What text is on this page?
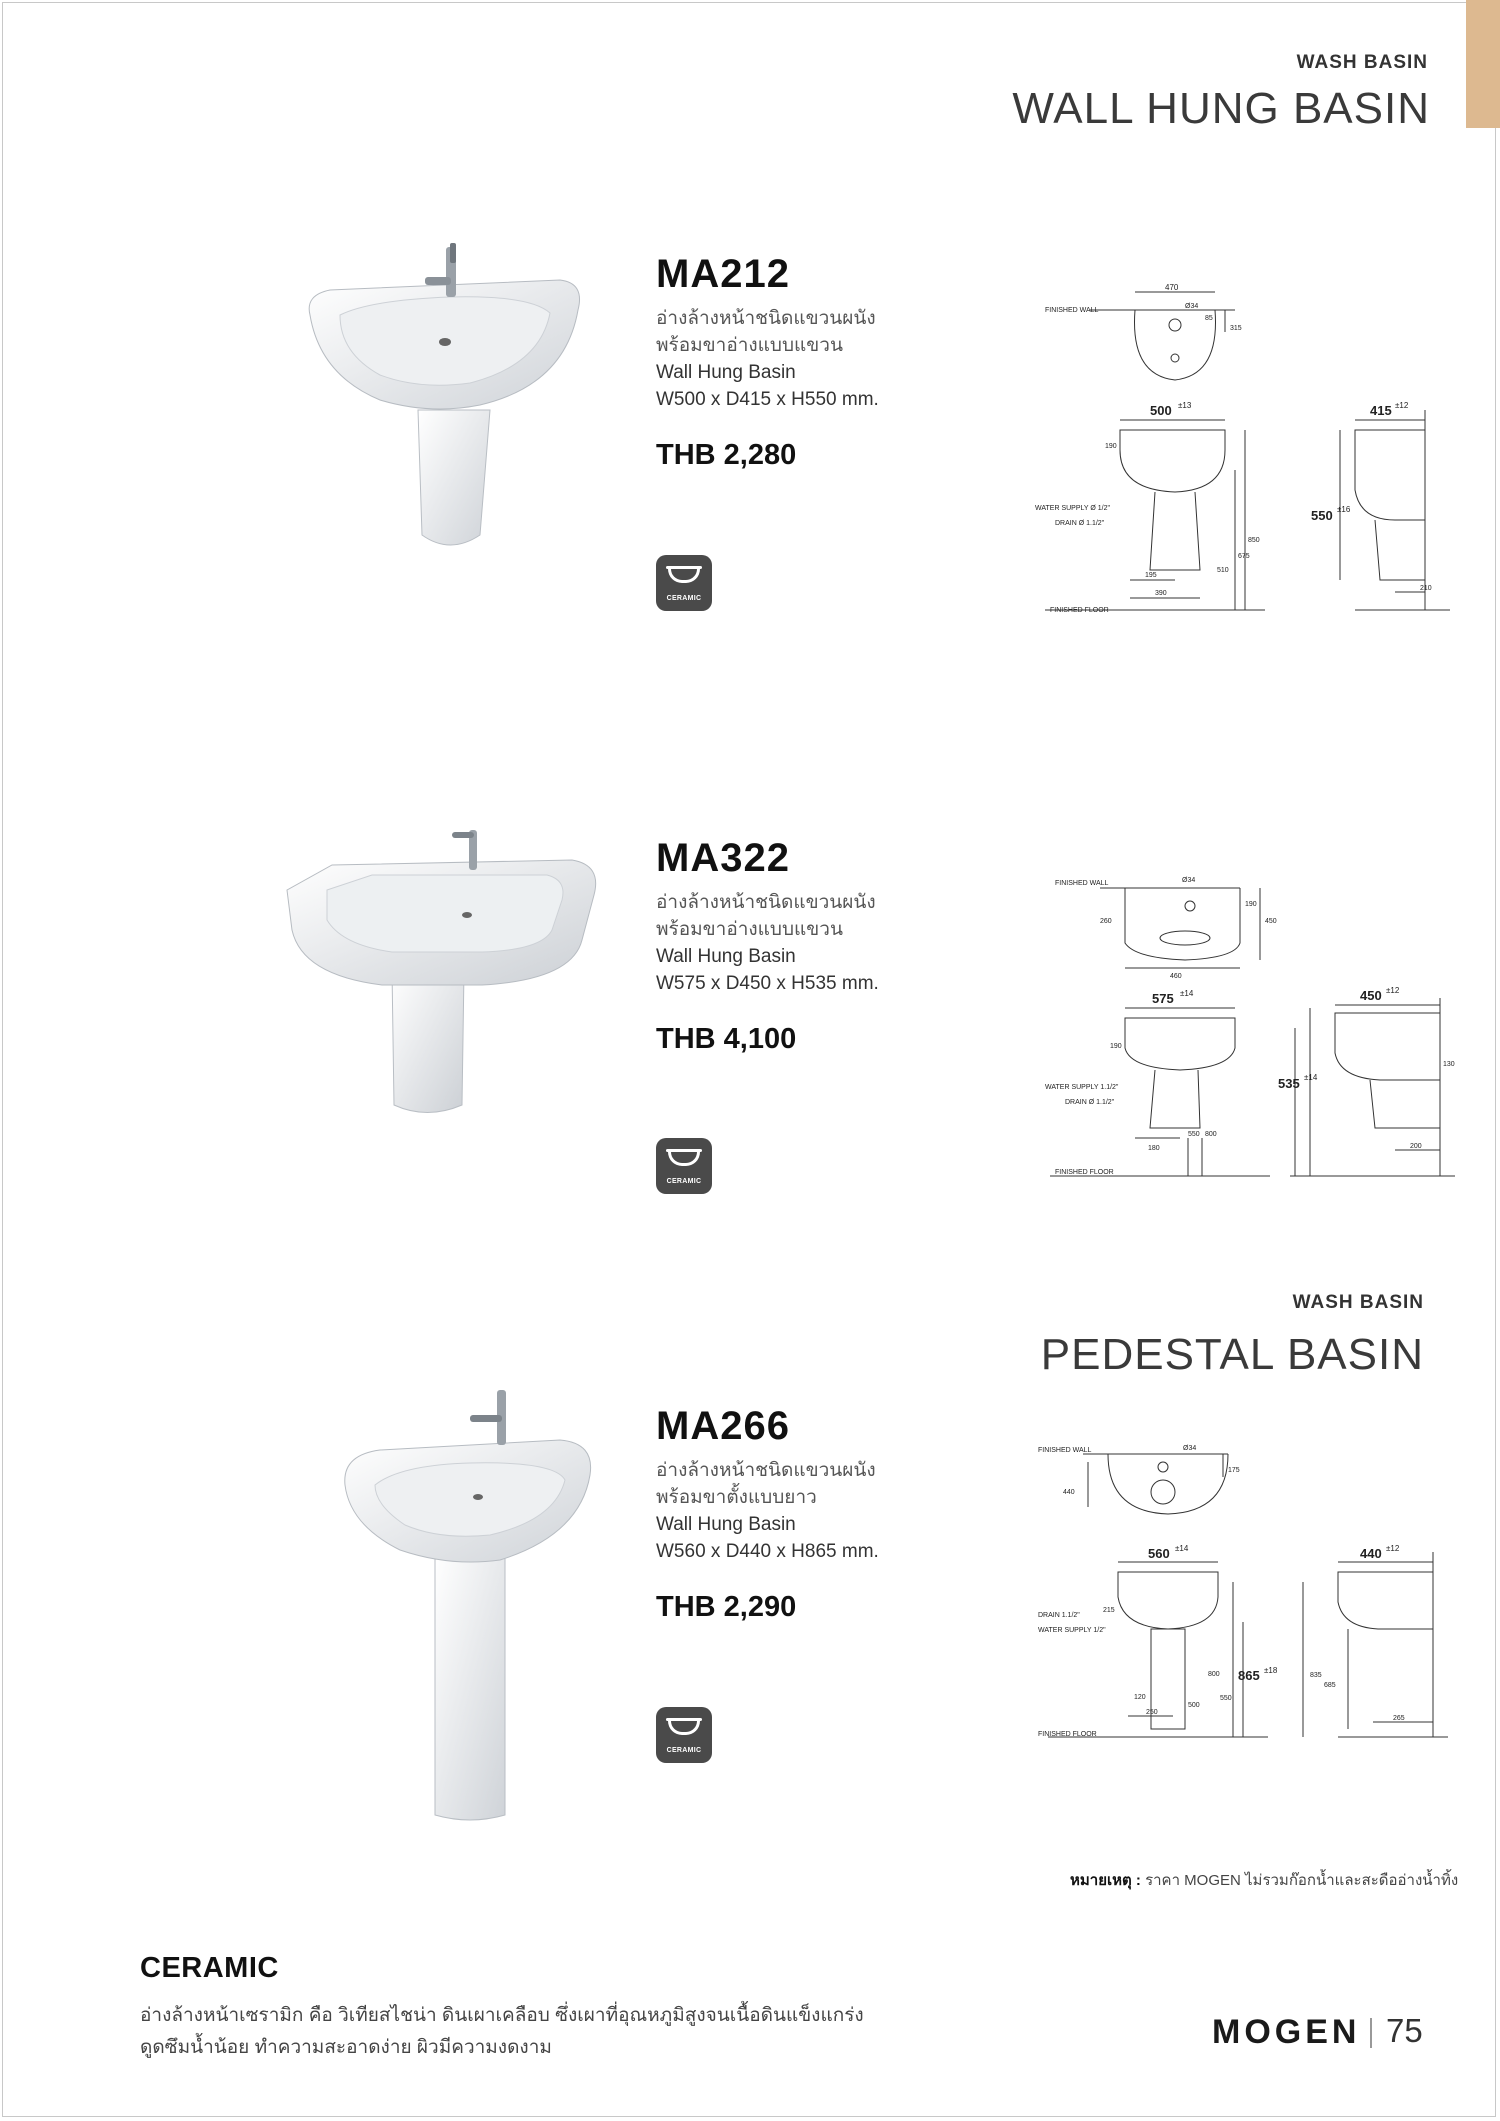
WASH BASIN
WALL HUNG BASIN
MA212
อ่างล้างหน้าชนิดแขวนผนัง
พร้อมขาอ่างแบบแขวน
Wall Hung Basin
W500 x D415 x H550 mm.
THB 2,280
CERAMIC
FINISHED WALL
470
Ø34
85
315
500 ±13	415 ±12
550 ±16
190
WATER SUPPLY Ø 1/2"
DRAIN Ø 1.1/2"
195
390
510
675
850
210
FINISHED FLOOR
MA322
อ่างล้างหน้าชนิดแขวนผนัง
พร้อมขาอ่างแบบแขวน
Wall Hung Basin
W575 x D450 x H535 mm.
THB 4,100
CERAMIC
FINISHED WALL	Ø34
190
260	450
460
575 ±14	450 ±12
535 ±14
190
WATER SUPPLY 1.1/2"
DRAIN Ø 1.1/2"
180
550 800
130
200
FINISHED FLOOR
WASH BASIN
PEDESTAL BASIN
MA266
อ่างล้างหน้าชนิดแขวนผนัง
พร้อมขาตั้งแบบยาว
Wall Hung Basin
W560 x D440 x H865 mm.
THB 2,290
CERAMIC
FINISHED WALL	Ø34
175
440
560 ±14	440 ±12
865 ±18
DRAIN 1.1/2"
215
WATER SUPPLY 1/2"
120
250
500
800
550
835
685
265
FINISHED FLOOR
หมายเหตุ : ราคา MOGEN ไม่รวมก๊อกน้ำและสะดืออ่างน้ำทิ้ง
CERAMIC
อ่างล้างหน้าเซรามิก คือ วิเทียสไชน่า ดินเผาเคลือบ ซึ่งเผาที่อุณหภูมิสูงจนเนื้อดินแข็งแกร่ง
ดูดซึมน้ำน้อย ทำความสะอาดง่าย ผิวมีความงดงาม	MOGEN 75
